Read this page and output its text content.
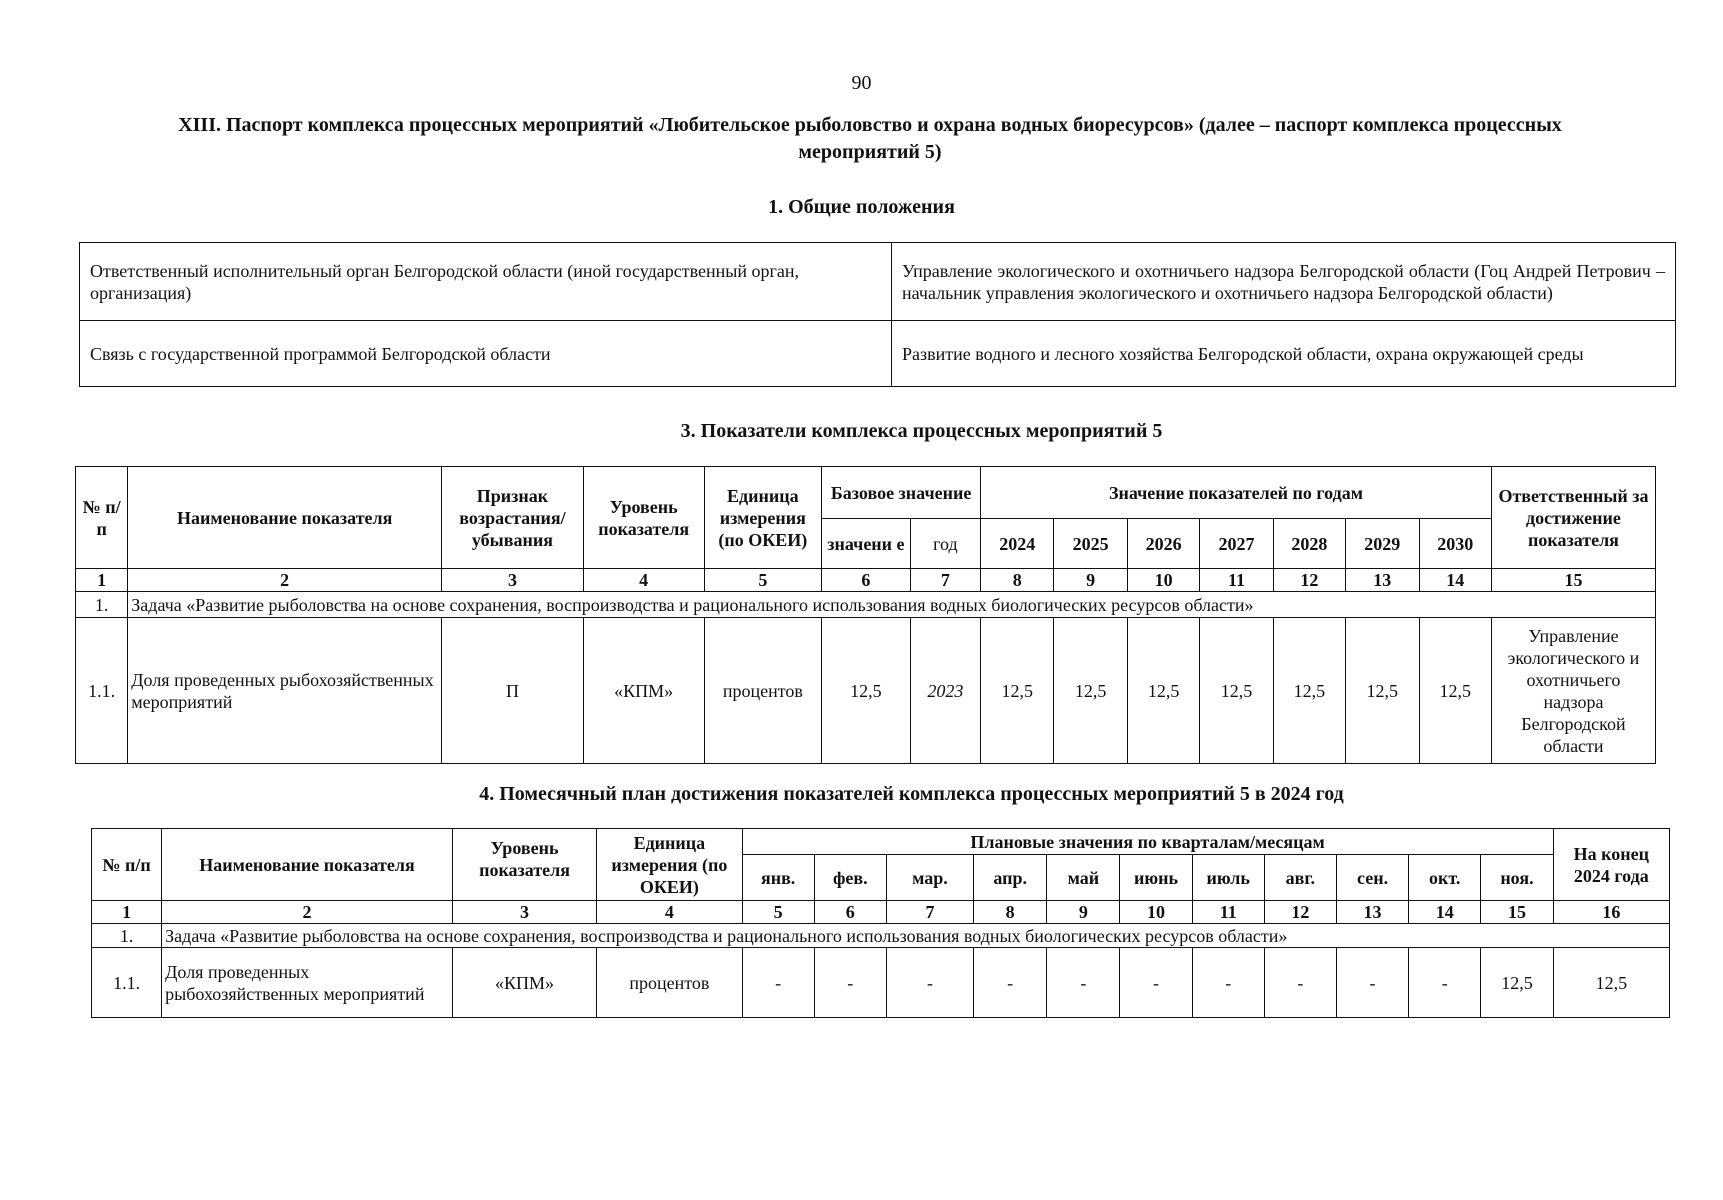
90
XIII. Паспорт комплекса процессных мероприятий «Любительское рыболовство и охрана водных биоресурсов» (далее – паспорт комплекса процессных мероприятий 5)
1. Общие положения
Ответственный исполнительный орган Белгородской области (иной государственный орган, организация)	Управление экологического и охотничьего надзора Белгородской области (Гоц Андрей Петрович – начальник управления экологического и охотничьего надзора Белгородской области)
Связь с государственной программой Белгородской области	Развитие водного и лесного хозяйства Белгородской области, охрана окружающей среды
3. Показатели комплекса процессных мероприятий 5
№ п/п	Наименование показателя	Признак возрастания/ убывания	Уровень показателя	Единица измерения (по ОКЕИ)	Базовое значение		Значение показателей по годам							Ответственный за достижение показателя
					значени е	год	2024	2025	2026	2027	2028	2029	2030	
1	2	3	4	5	6	7	8	9	10	11	12	13	14	15
1.	Задача «Развитие рыболовства на основе сохранения, воспроизводства и рационального использования водных биологических ресурсов области»													
1.1.	Доля проведенных рыбохозяйственных мероприятий	П	«КПМ»	процентов	12,5	2023	12,5	12,5	12,5	12,5	12,5	12,5	12,5	Управление экологического и охотничьего надзора Белгородской области
4. Помесячный план достижения показателей комплекса процессных мероприятий 5 в 2024 год
№ п/п	Наименование показателя	Уровень показателя	Единица измерения (по ОКЕИ)	Плановые значения по кварталам/месяцам											На конец 2024 года
				янв.	фев.	мар.	апр.	май	июнь	июль	авг.	сен.	окт.	ноя.	
1	2	3	4	5	6	7	8	9	10	11	12	13	14	15	16
1.	Задача «Развитие рыболовства на основе сохранения, воспроизводства и рационального использования водных биологических ресурсов области»														
1.1.	Доля проведенных рыбохозяйственных мероприятий	«КПМ»	процентов	-	-	-	-	-	-	-	-	-	-	12,5	12,5
